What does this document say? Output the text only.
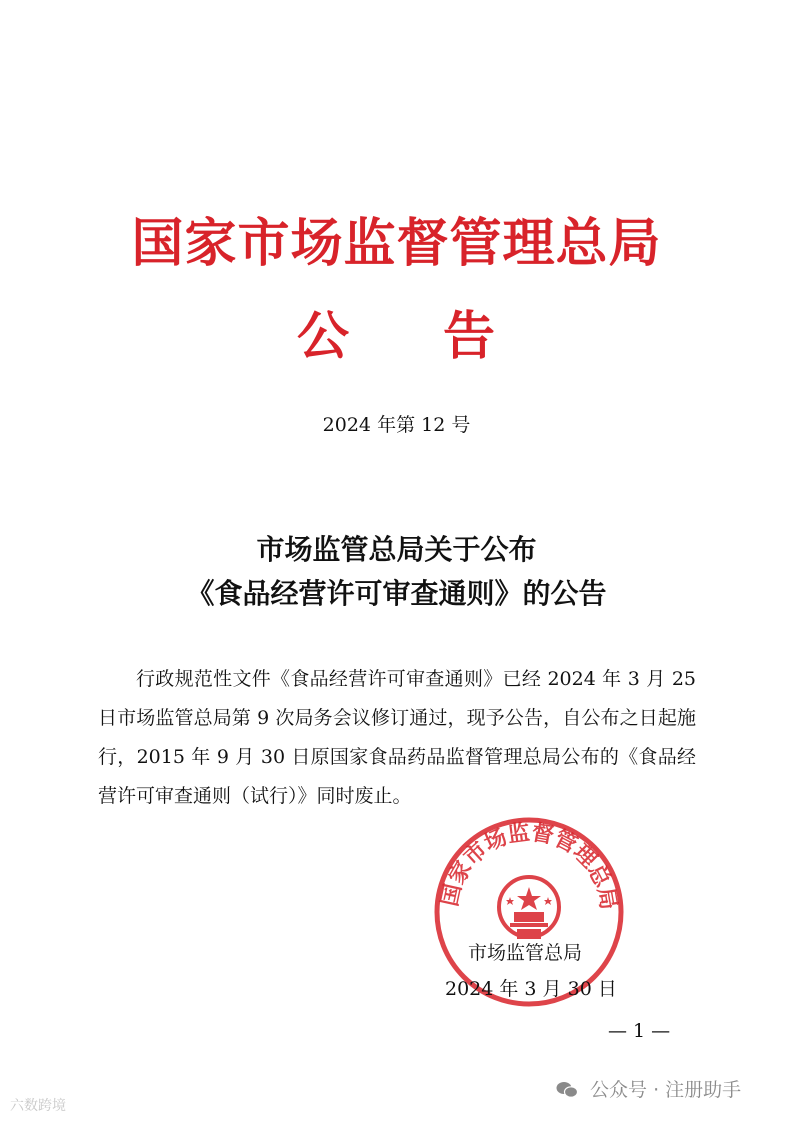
国家市场监督管理总局
公 告
2024 年第 12 号
市场监管总局关于公布
《食品经营许可审查通则》的公告

行政规范性文件《食品经营许可审查通则》已经 2024 年 3 月 25 日市场监管总局第 9 次局务会议修订通过，现予公告，自公布之日起施行，2015 年 9 月 30 日原国家食品药品监督管理总局公布的《食品经营许可审查通则（试行）》同时废止。

国家市场监督管理总局
市场监管总局
2024 年 3 月 30 日
— 1 —
六数跨境
公众号 · 注册助手
